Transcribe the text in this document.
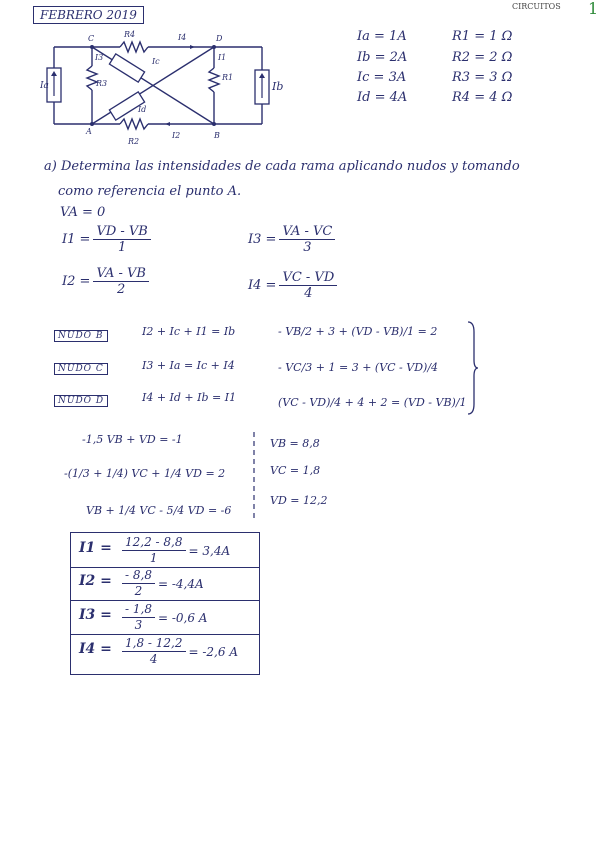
FEBRERO 2019
CIRCUITOS 1
C	D
A	B
R4
R3
R1
R2
Ia	Ib
Ic
Id
I4
I3	I1
I2
Ia = 1A	R1 = 1 Ω
Ib = 2A	R2 = 2 Ω
Ic = 3A	R3 = 3 Ω
Id = 4A	R4 = 4 Ω
a) Determina las intensidades de cada rama aplicando nudos y tomando
como referencia el punto A.
VA = 0
$I1 = \frac{VD - VB}{1}$	$I3 = \frac{VA - VC}{3}$
$I2 = \frac{VA - VB}{2}$	$I4 = \frac{VC - VD}{4}$
NUDO B	I2 + Ic + I1 = Ib	- VB/2 + 3 + (VD - VB)/1 = 2
NUDO C	I3 + Ia = Ic + I4	- VC/3 + 1 = 3 + (VC - VD)/4
NUDO D	I4 + Id + Ib = I1	(VC - VD)/4 + 4 + 2 = (VD - VB)/1
-1,5 VB + VD = -1
-(1/3 + 1/4) VC + 1/4 VD = 2
VB + 1/4 VC - 5/4 VD = -6
VB = 8,8
VC = 1,8
VD = 12,2
$I1 = \frac{12,2 - 8,8}{1} = 3,4A$
$I2 = \frac{- 8,8}{2} = -4,4A$
$I3 = \frac{- 1,8}{3} = -0,6$ A
$I4 = \frac{1,8 - 12,2}{4} = -2,6$ A
